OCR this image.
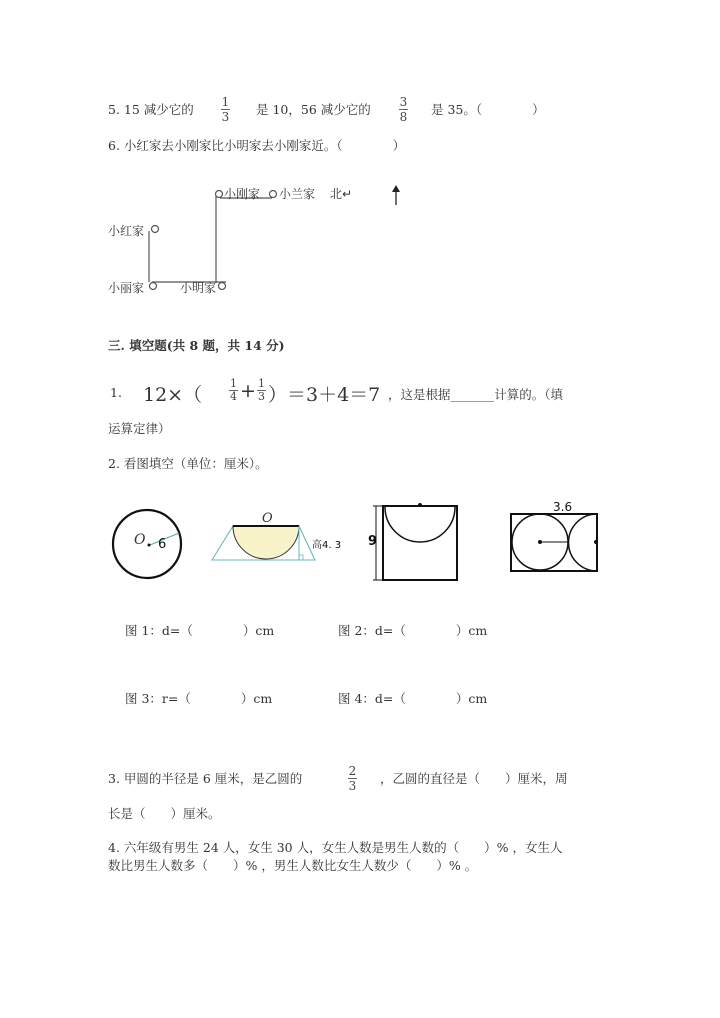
5. 15 减少它的 1
3 是 10，56 减少它的 3
8 是 35。（　　　　）
6. 小红家去小刚家比小明家去小刚家近。（　　　　）
小刚家 小兰家 北↵
小红家
小丽家	小明家
三. 填空题(共 8 题，共 14 分)
1. 12×（
1
4 + 1
3 ）＝3＋4＝7 ，这是根据_______计算的。（填
运算定律）
2. 看图填空（单位：厘米）。
O 6
O
高4. 3 9
3.6
图 1：d=（　　　　）cm	图 2：d=（　　　　）cm
图 3：r=（　　　　）cm	图 4：d=（　　　　）cm
3. 甲圆的半径是 6 厘米，是乙圆的	2
3 ，乙圆的直径是（　　）厘米，周
长是（　　）厘米。
4. 六年级有男生 24 人，女生 30 人，女生人数是男生人数的（　　）% ，女生人
数比男生人数多（　　）% ，男生人数比女生人数少（　　）% 。
